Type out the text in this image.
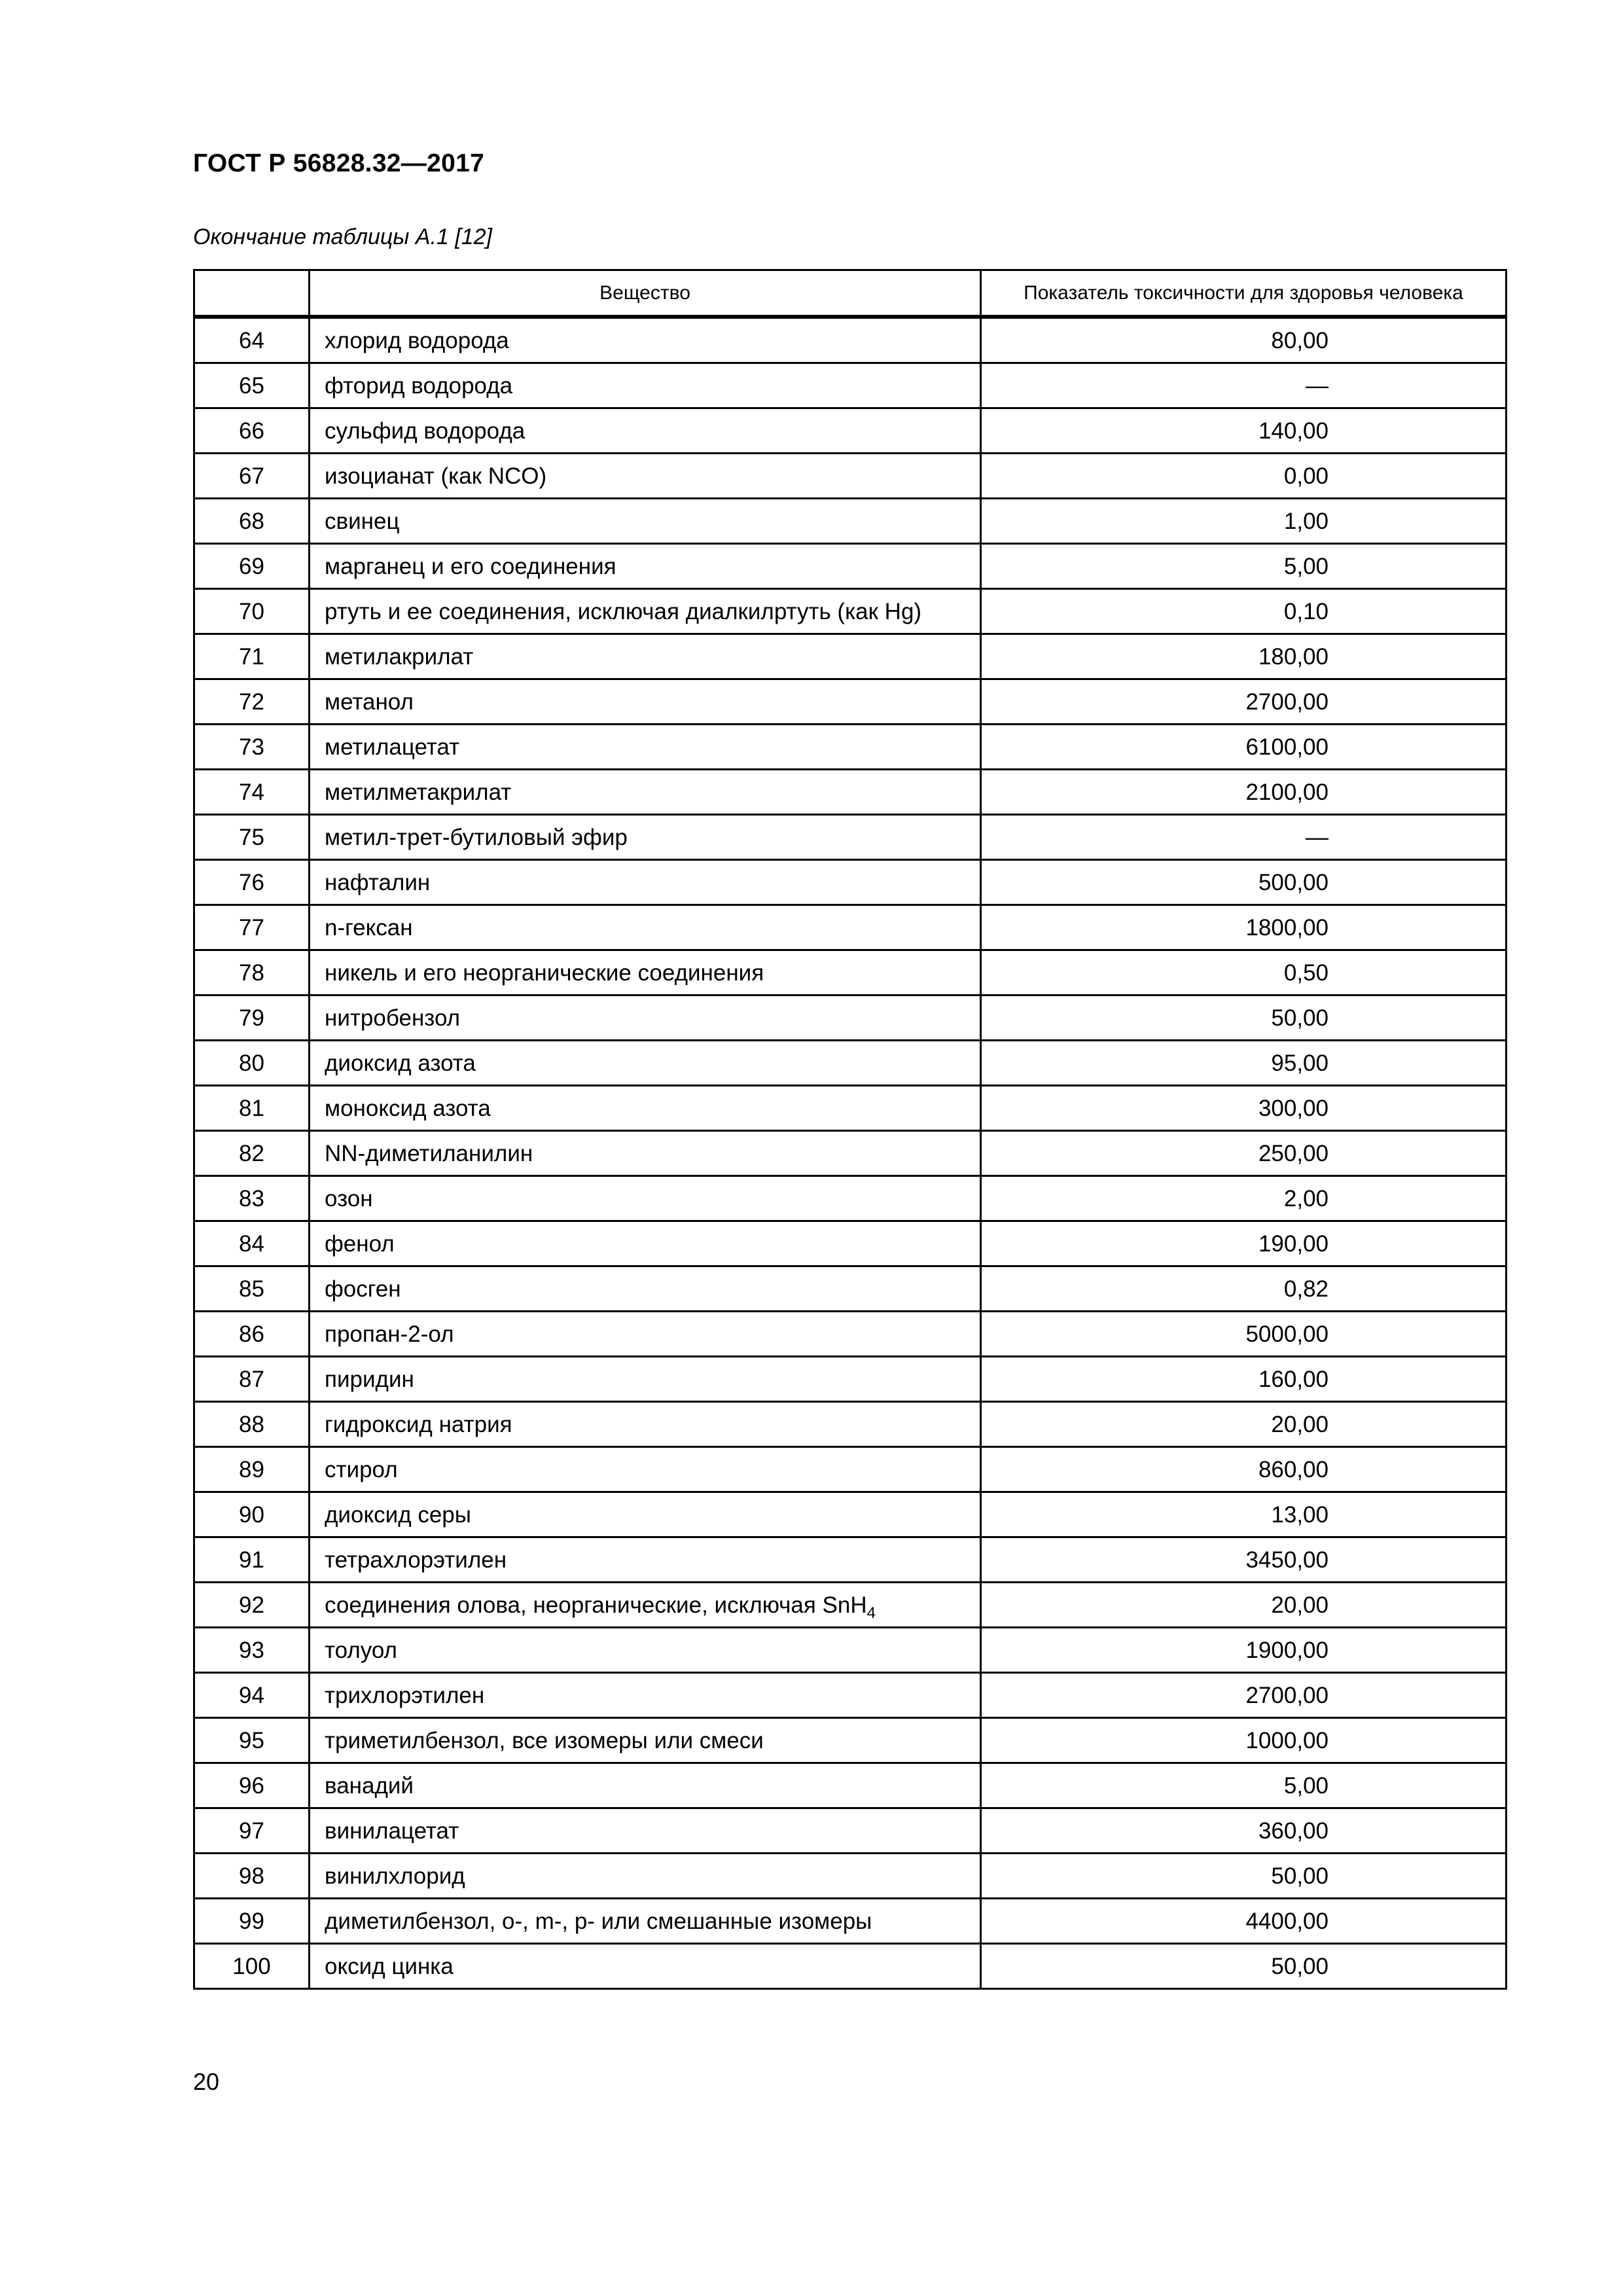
ГОСТ Р 56828.32—2017
Окончание таблицы А.1 [12]
	Вещество	Показатель токсичности для здоровья человека
64	хлорид водорода	80,00
65	фторид водорода	—
66	сульфид водорода	140,00
67	изоцианат (как NCO)	0,00
68	свинец	1,00
69	марганец и его соединения	5,00
70	ртуть и ее соединения, исключая диалкилртуть (как Hg)	0,10
71	метилакрилат	180,00
72	метанол	2700,00
73	метилацетат	6100,00
74	метилметакрилат	2100,00
75	метил-трет-бутиловый эфир	—
76	нафталин	500,00
77	n-гексан	1800,00
78	никель и его неорганические соединения	0,50
79	нитробензол	50,00
80	диоксид азота	95,00
81	моноксид азота	300,00
82	NN-диметиланилин	250,00
83	озон	2,00
84	фенол	190,00
85	фосген	0,82
86	пропан-2-ол	5000,00
87	пиридин	160,00
88	гидроксид натрия	20,00
89	стирол	860,00
90	диоксид серы	13,00
91	тетрахлорэтилен	3450,00
92	соединения олова, неорганические, исключая SnH$_4$	20,00
93	толуол	1900,00
94	трихлорэтилен	2700,00
95	триметилбензол, все изомеры или смеси	1000,00
96	ванадий	5,00
97	винилацетат	360,00
98	винилхлорид	50,00
99	диметилбензол, o-, m-, p- или смешанные изомеры	4400,00
100	оксид цинка	50,00
20
